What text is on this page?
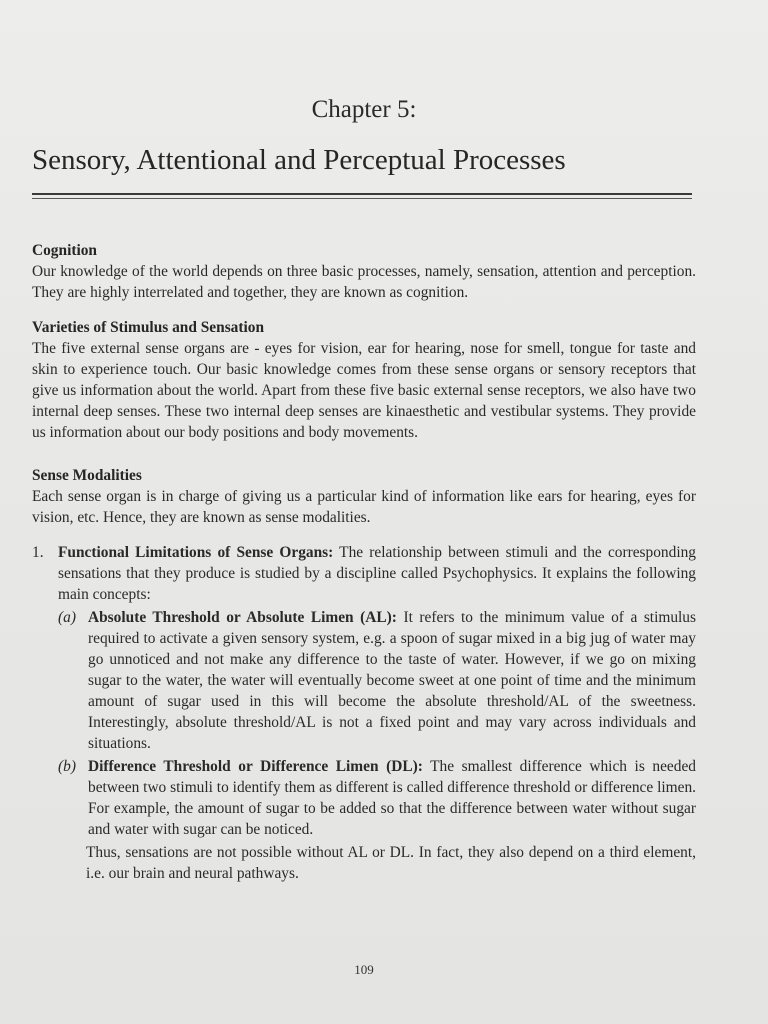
Chapter 5:
Sensory, Attentional and Perceptual Processes
Cognition

Our knowledge of the world depends on three basic processes, namely, sensation, attention and perception. They are highly interrelated and together, they are known as cognition.

Varieties of Stimulus and Sensation

The five external sense organs are - eyes for vision, ear for hearing, nose for smell, tongue for taste and skin to experience touch. Our basic knowledge comes from these sense organs or sensory receptors that give us information about the world. Apart from these five basic external sense receptors, we also have two internal deep senses. These two internal deep senses are kinaesthetic and vestibular systems. They provide us information about our body positions and body movements.

Sense Modalities

Each sense organ is in charge of giving us a particular kind of information like ears for hearing, eyes for vision, etc. Hence, they are known as sense modalities.

1. Functional Limitations of Sense Organs: The relationship between stimuli and the corresponding sensations that they produce is studied by a discipline called Psychophysics. It explains the following main concepts:

(a) Absolute Threshold or Absolute Limen (AL): It refers to the minimum value of a stimulus required to activate a given sensory system, e.g. a spoon of sugar mixed in a big jug of water may go unnoticed and not make any difference to the taste of water. However, if we go on mixing sugar to the water, the water will eventually become sweet at one point of time and the minimum amount of sugar used in this will become the absolute threshold/AL of the sweetness. Interestingly, absolute threshold/AL is not a fixed point and may vary across individuals and situations.

(b) Difference Threshold or Difference Limen (DL): The smallest difference which is needed between two stimuli to identify them as different is called difference threshold or difference limen. For example, the amount of sugar to be added so that the difference between water without sugar and water with sugar can be noticed.

Thus, sensations are not possible without AL or DL. In fact, they also depend on a third element, i.e. our brain and neural pathways.

109
